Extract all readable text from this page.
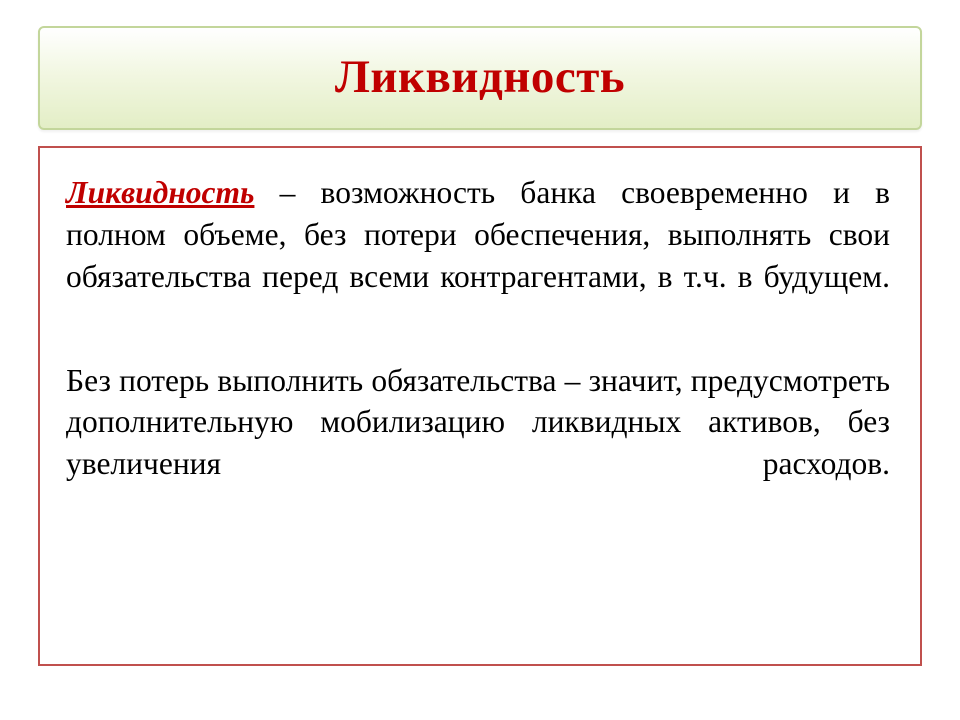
Ликвидность

Ликвидность – возможность банка своевременно и в полном объеме, без потери обеспечения, выполнять свои обязательства перед всеми контрагентами, в т.ч. в будущем.

Без потерь выполнить обязательства – значит, предусмотреть дополнительную мобилизацию ликвидных активов, без увеличения расходов.
